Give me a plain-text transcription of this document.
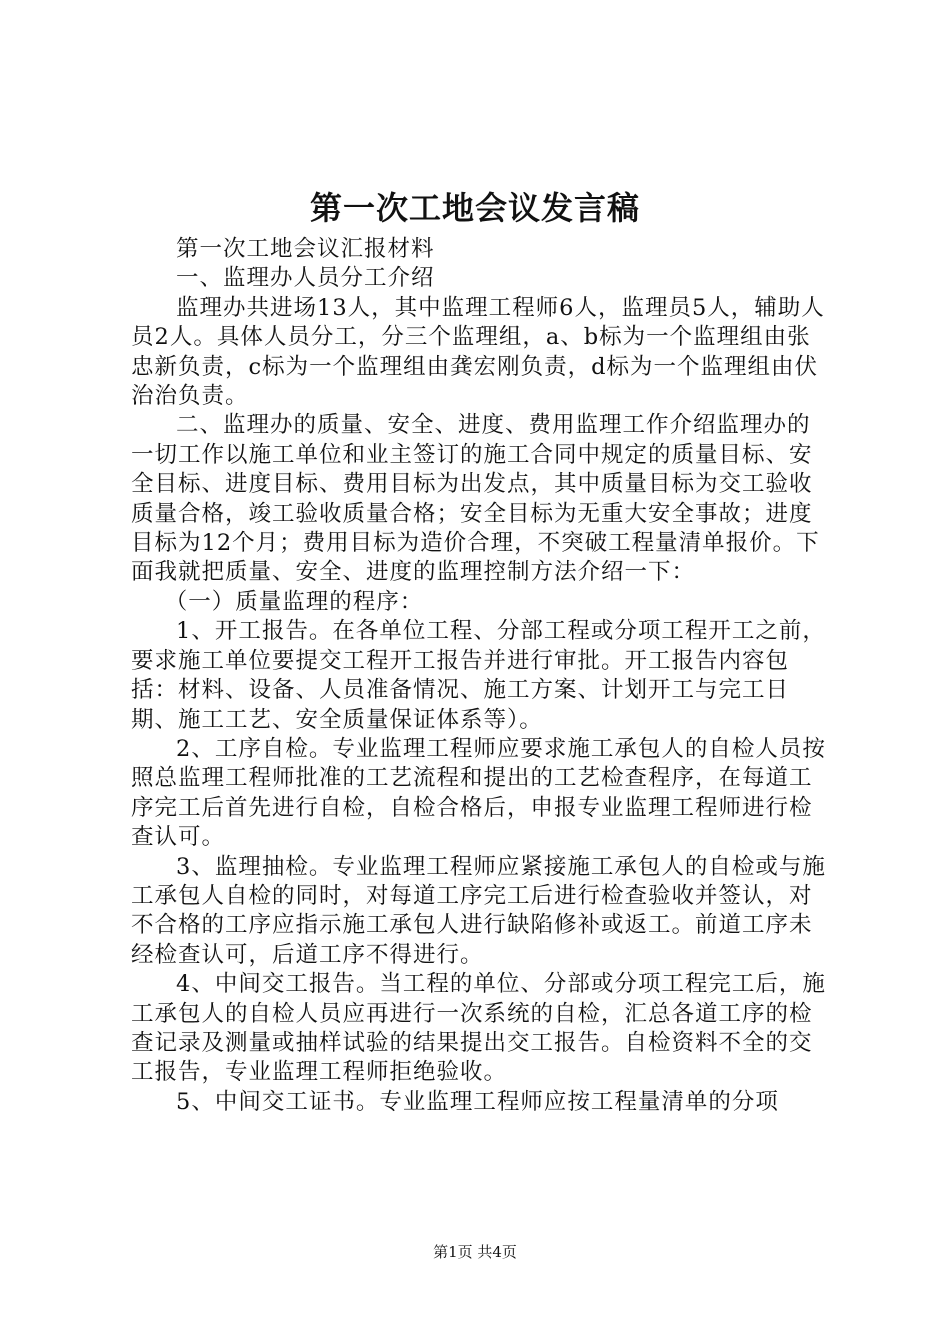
第一次工地会议发言稿

第一次工地会议汇报材料

一、监理办人员分工介绍

监理办共进场13人，其中监理工程师6人，监理员5人，辅助人员2人。具体人员分工，分三个监理组，a、b标为一个监理组由张忠新负责，c标为一个监理组由龚宏刚负责，d标为一个监理组由伏治治负责。

二、监理办的质量、安全、进度、费用监理工作介绍监理办的一切工作以施工单位和业主签订的施工合同中规定的质量目标、安全目标、进度目标、费用目标为出发点，其中质量目标为交工验收质量合格，竣工验收质量合格；安全目标为无重大安全事故；进度目标为12个月；费用目标为造价合理，不突破工程量清单报价。下面我就把质量、安全、进度的监理控制方法介绍一下：

（一）质量监理的程序：

1、开工报告。在各单位工程、分部工程或分项工程开工之前，要求施工单位要提交工程开工报告并进行审批。开工报告内容包括：材料、设备、人员准备情况、施工方案、计划开工与完工日期、施工工艺、安全质量保证体系等）。

2、工序自检。专业监理工程师应要求施工承包人的自检人员按照总监理工程师批准的工艺流程和提出的工艺检查程序，在每道工序完工后首先进行自检，自检合格后，申报专业监理工程师进行检查认可。

3、监理抽检。专业监理工程师应紧接施工承包人的自检或与施工承包人自检的同时，对每道工序完工后进行检查验收并签认，对不合格的工序应指示施工承包人进行缺陷修补或返工。前道工序未经检查认可，后道工序不得进行。

4、中间交工报告。当工程的单位、分部或分项工程完工后，施工承包人的自检人员应再进行一次系统的自检，汇总各道工序的检查记录及测量或抽样试验的结果提出交工报告。自检资料不全的交工报告，专业监理工程师拒绝验收。

5、中间交工证书。专业监理工程师应按工程量清单的分项

第1页 共4页
